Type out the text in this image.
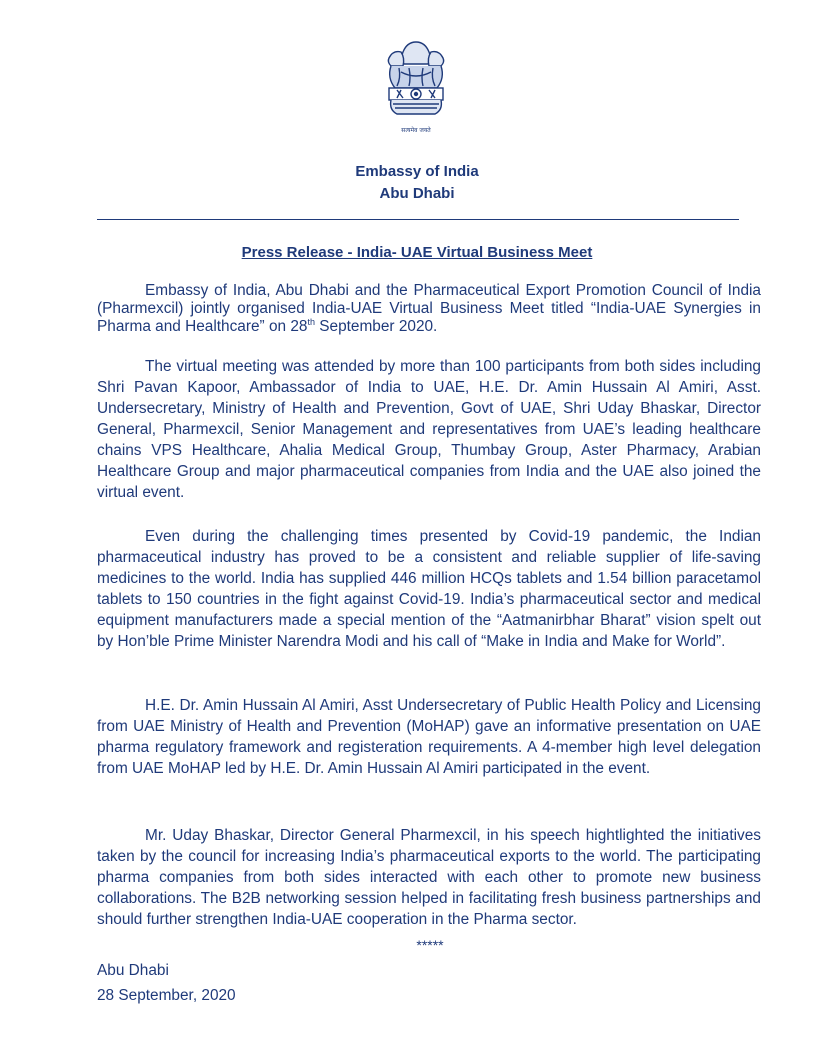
सत्यमेव जयते
Embassy of India
Abu Dhabi
Press Release - India- UAE Virtual Business Meet
Embassy of India, Abu Dhabi and the Pharmaceutical Export Promotion Council of India (Pharmexcil) jointly organised India-UAE Virtual Business Meet titled “India-UAE Synergies in Pharma and Healthcare” on 28th September 2020.
The virtual meeting was attended by more than 100 participants from both sides including Shri Pavan Kapoor, Ambassador of India to UAE, H.E. Dr. Amin Hussain Al Amiri, Asst. Undersecretary, Ministry of Health and Prevention, Govt of UAE, Shri Uday Bhaskar, Director General, Pharmexcil, Senior Management and representatives from UAE’s leading healthcare chains VPS Healthcare, Ahalia Medical Group, Thumbay Group, Aster Pharmacy, Arabian Healthcare Group and major pharmaceutical companies from India and the UAE also joined the virtual event.
Even during the challenging times presented by Covid-19 pandemic, the Indian pharmaceutical industry has proved to be a consistent and reliable supplier of life-saving medicines to the world. India has supplied 446 million HCQs tablets and 1.54 billion paracetamol tablets to 150 countries in the fight against Covid-19. India’s pharmaceutical sector and medical equipment manufacturers made a special mention of the “Aatmanirbhar Bharat” vision spelt out by Hon’ble Prime Minister Narendra Modi and his call of “Make in India and Make for World”.
H.E. Dr. Amin Hussain Al Amiri, Asst Undersecretary of Public Health Policy and Licensing from UAE Ministry of Health and Prevention (MoHAP) gave an informative presentation on UAE pharma regulatory framework and registeration requirements. A 4-member high level delegation from UAE MoHAP led by H.E. Dr. Amin Hussain Al Amiri participated in the event.
Mr. Uday Bhaskar, Director General Pharmexcil, in his speech hightlighted the initiatives taken by the council for increasing India’s pharmaceutical exports to the world. The participating pharma companies from both sides interacted with each other to promote new business collaborations. The B2B networking session helped in facilitating fresh business partnerships and should further strengthen India-UAE cooperation in the Pharma sector.
*****
Abu Dhabi
28 September, 2020
